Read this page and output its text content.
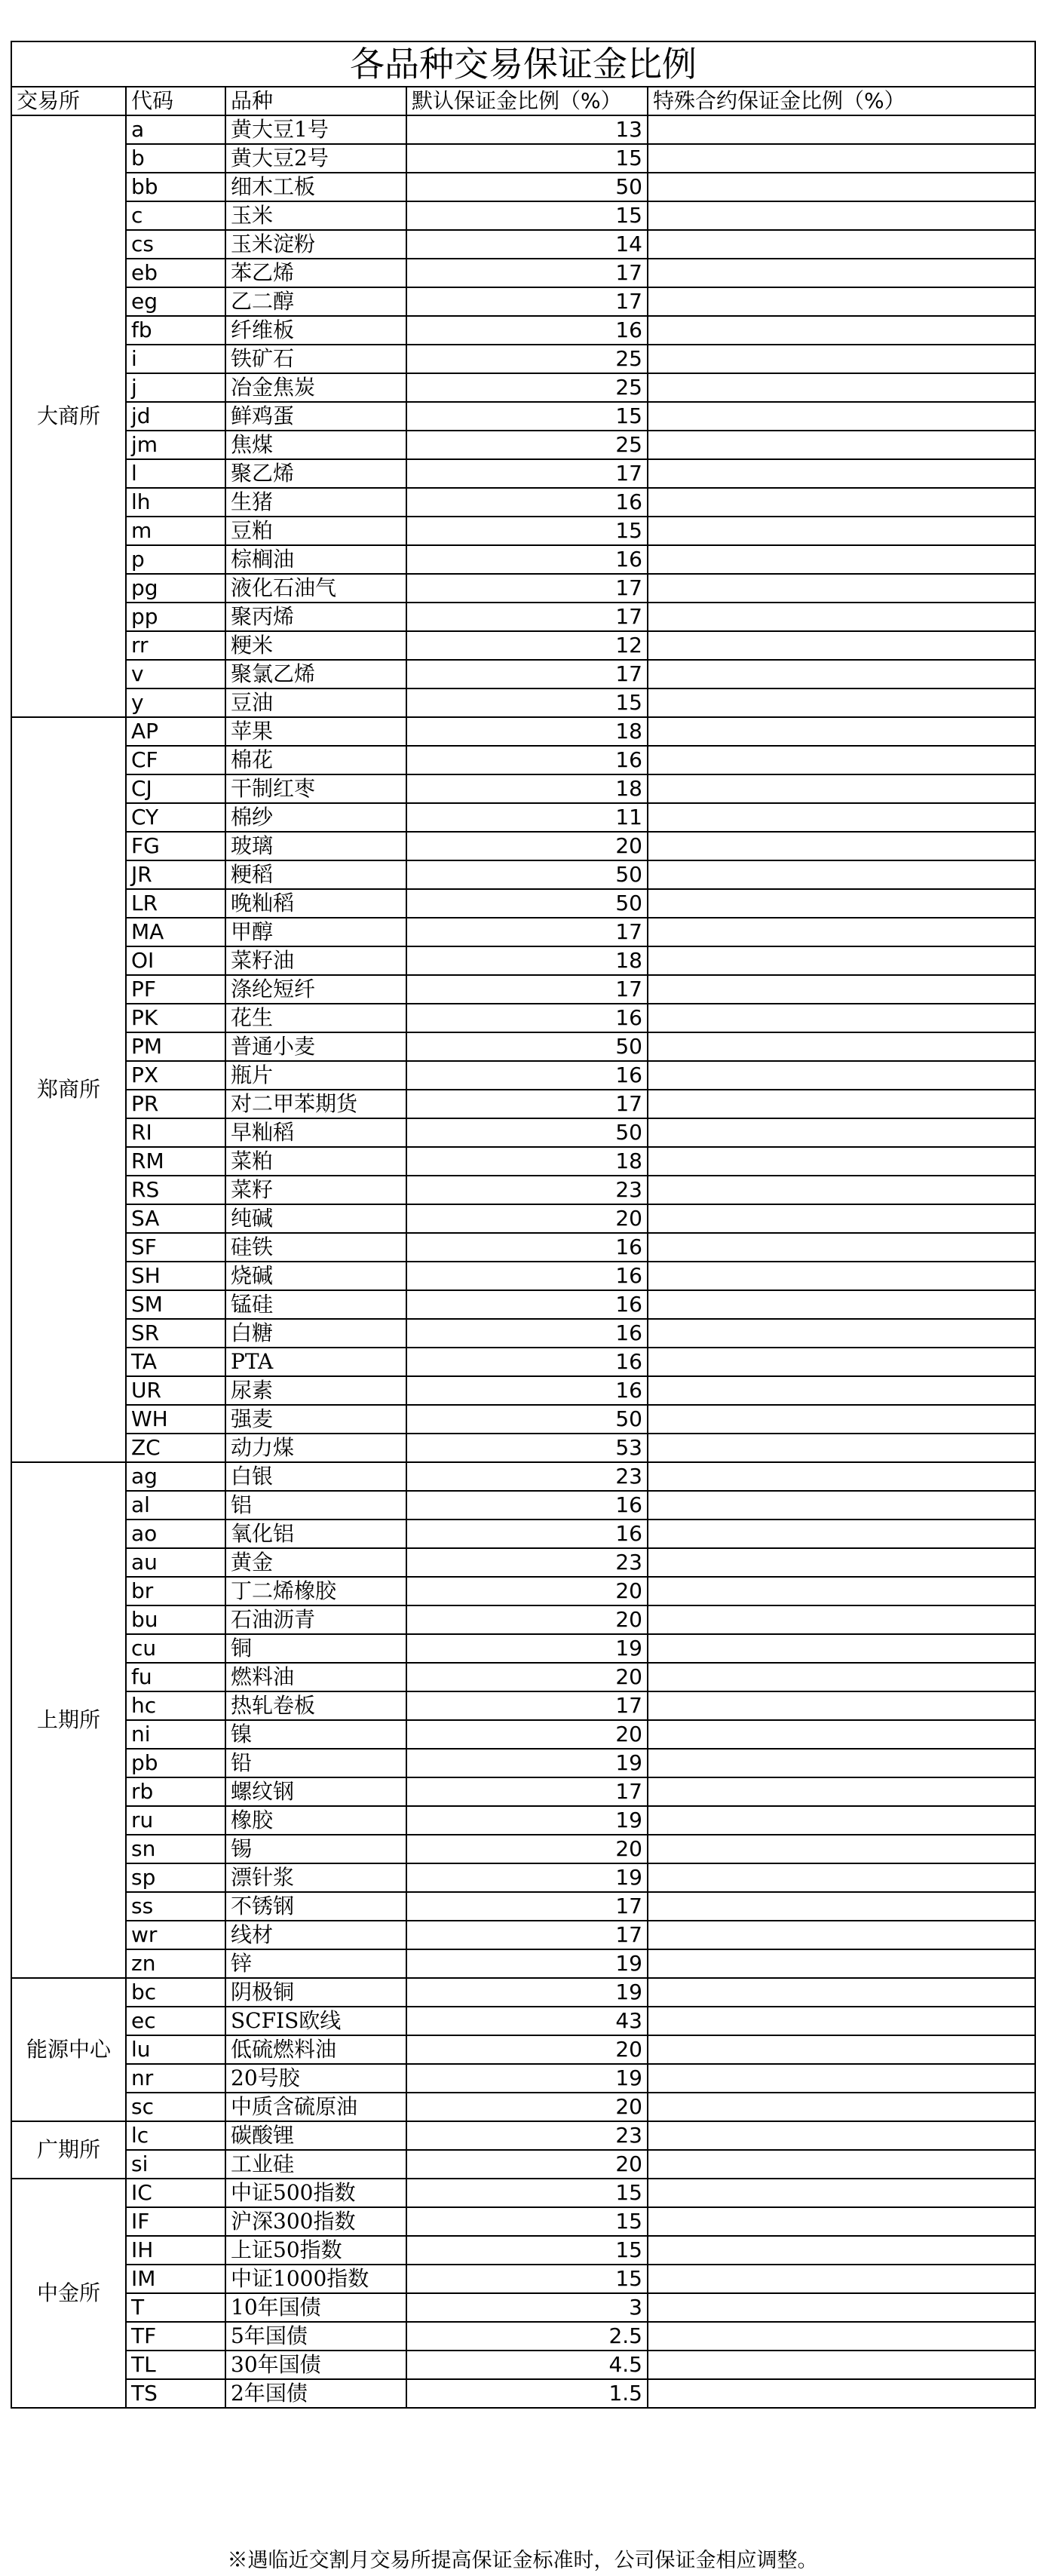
各品种交易保证金比例				
交易所	代码	品种	默认保证金比例（%）	特殊合约保证金比例（%）
大商所	a	黄大豆1号	13	
	b	黄大豆2号	15	
	bb	细木工板	50	
	c	玉米	15	
	cs	玉米淀粉	14	
	eb	苯乙烯	17	
	eg	乙二醇	17	
	fb	纤维板	16	
	i	铁矿石	25	
	j	冶金焦炭	25	
	jd	鲜鸡蛋	15	
	jm	焦煤	25	
	l	聚乙烯	17	
	lh	生猪	16	
	m	豆粕	15	
	p	棕榈油	16	
	pg	液化石油气	17	
	pp	聚丙烯	17	
	rr	粳米	12	
	v	聚氯乙烯	17	
	y	豆油	15	
郑商所	AP	苹果	18	
	CF	棉花	16	
	CJ	干制红枣	18	
	CY	棉纱	11	
	FG	玻璃	20	
	JR	粳稻	50	
	LR	晚籼稻	50	
	MA	甲醇	17	
	OI	菜籽油	18	
	PF	涤纶短纤	17	
	PK	花生	16	
	PM	普通小麦	50	
	PX	瓶片	16	
	PR	对二甲苯期货	17	
	RI	早籼稻	50	
	RM	菜粕	18	
	RS	菜籽	23	
	SA	纯碱	20	
	SF	硅铁	16	
	SH	烧碱	16	
	SM	锰硅	16	
	SR	白糖	16	
	TA	PTA	16	
	UR	尿素	16	
	WH	强麦	50	
	ZC	动力煤	53	
上期所	ag	白银	23	
	al	铝	16	
	ao	氧化铝	16	
	au	黄金	23	
	br	丁二烯橡胶	20	
	bu	石油沥青	20	
	cu	铜	19	
	fu	燃料油	20	
	hc	热轧卷板	17	
	ni	镍	20	
	pb	铅	19	
	rb	螺纹钢	17	
	ru	橡胶	19	
	sn	锡	20	
	sp	漂针浆	19	
	ss	不锈钢	17	
	wr	线材	17	
	zn	锌	19	
能源中心	bc	阴极铜	19	
	ec	SCFIS欧线	43	
	lu	低硫燃料油	20	
	nr	20号胶	19	
	sc	中质含硫原油	20	
广期所	lc	碳酸锂	23	
	si	工业硅	20	
中金所	IC	中证500指数	15	
	IF	沪深300指数	15	
	IH	上证50指数	15	
	IM	中证1000指数	15	
	T	10年国债	3	
	TF	5年国债	2.5	
	TL	30年国债	4.5	
	TS	2年国债	1.5	
※遇临近交割月交易所提高保证金标准时，公司保证金相应调整。
